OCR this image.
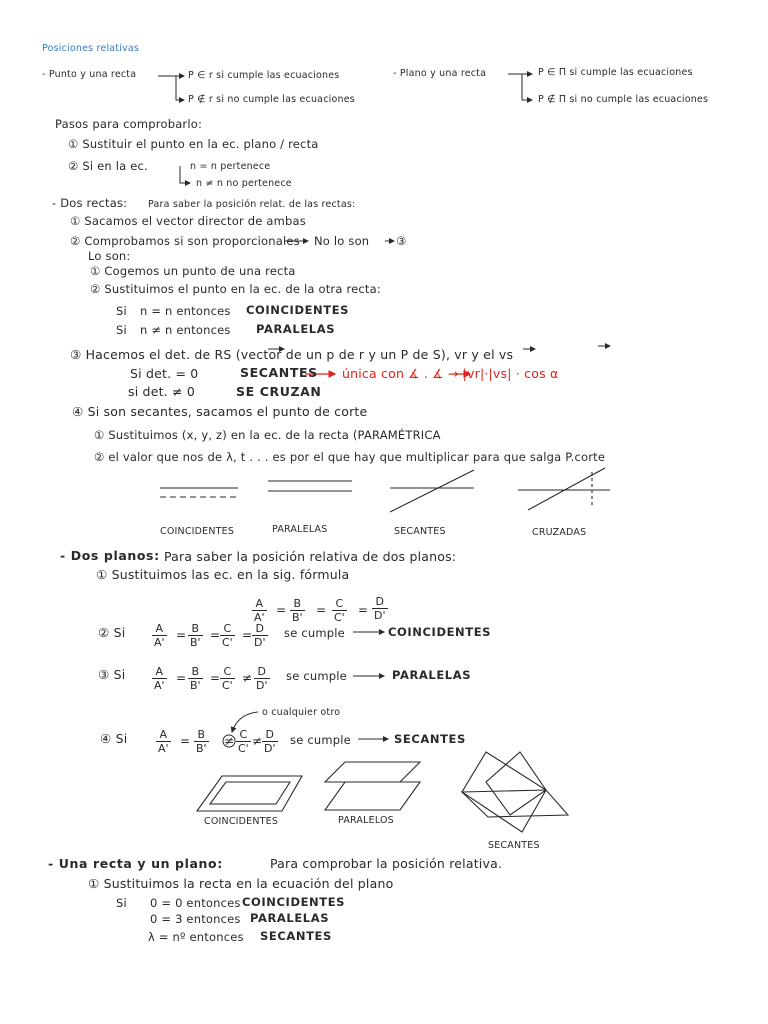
Posiciones relativas
- Punto y una recta	P ∈ r si cumple las ecuaciones
P ∉ r si no cumple las ecuaciones
- Plano y una recta	P ∈ Π si cumple las ecuaciones
P ∉ Π si no cumple las ecuaciones
Pasos para comprobarlo:
① Sustituir el punto en la ec. plano / recta
② Si en la ec.	n = n pertenece
n ≠ n no pertenece
- Dos rectas: Para saber la posición relat. de las rectas:
① Sacamos el vector director de ambas
② Comprobamos si son proporcionales No lo son ③
Lo son:
① Cogemos un punto de una recta
② Sustituimos el punto en la ec. de la otra recta:
Si n = n entonces COINCIDENTES
Si n ≠ n entonces PARALELAS
③ Hacemos el det. de RS (vector de un p de r y un P de S), vr y el vs
Si det. = 0	SECANTES única con ∡ . ∡ → |vr|·|vs| · cos α
si det. ≠ 0	SE CRUZAN
④ Si son secantes, sacamos el punto de corte
① Sustituimos (x, y, z) en la ec. de la recta (PARAMÉTRICA
② el valor que nos de λ, t . . . es por el que hay que multiplicar para que salga P.corte
COINCIDENTES	PARALELAS	SECANTES	CRUZADAS
- Dos planos: Para saber la posición relativa de dos planos:
① Sustituimos las ec. en la sig. fórmula
$\frac{A}{A'} = \frac{B}{B'} = \frac{C}{C'} = \frac{D}{D'}$
② Si $\frac{A}{A'} = \frac{B}{B'} = \frac{C}{C'} = \frac{D}{D'}$ se cumple	COINCIDENTES
③ Si $\frac{A}{A'} = \frac{B}{B'} = \frac{C}{C'} \ne \frac{D}{D'}$ se cumple	PARALELAS
o cualquier otro
④ Si	$\frac{A}{A'} = \frac{B}{B'} \ne \frac{C}{C'} \ne \frac{D}{D'}$ se cumple	SECANTES
COINCIDENTES	PARALELOS
SECANTES
- Una recta y un plano:	Para comprobar la posición relativa.
① Sustituimos la recta en la ecuación del plano
Si 0 = 0 entonces COINCIDENTES
0 = 3 entonces PARALELAS
λ = nº entonces SECANTES
